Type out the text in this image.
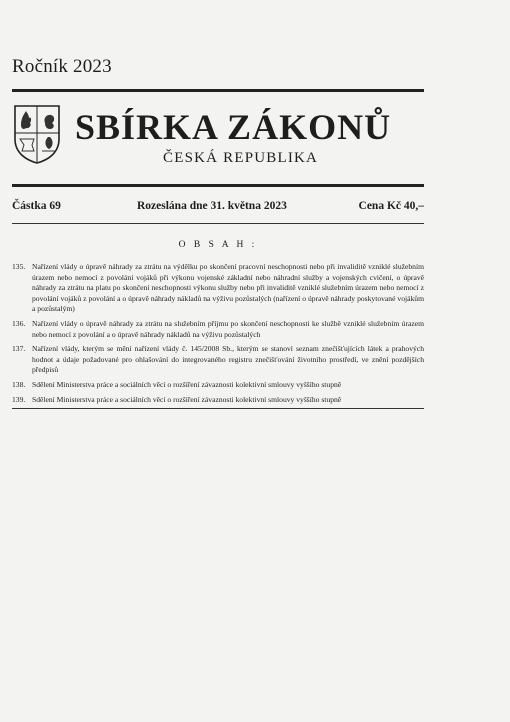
Ročník 2023
SBÍRKA ZÁKONŮ
ČESKÁ REPUBLIKA
Částka 69	Rozeslána dne 31. května 2023	Cena Kč 40,–
O B S A H :
135. Nařízení vlády o úpravě náhrady za ztrátu na výdělku po skončení pracovní neschopnosti nebo při invaliditě vzniklé služebním úrazem nebo nemocí z povolání vojáků při výkonu vojenské základní nebo náhradní služby a vojenských cvičení, o úpravě náhrady za ztrátu na platu po skončení neschopnosti výkonu služby nebo při invaliditě vzniklé služebním úrazem nebo nemocí z povolání vojáků z povolání a o úpravě náhrady nákladů na výživu pozůstalých (nařízení o úpravě náhrady poskytované vojákům a pozůstalým)
136. Nařízení vlády o úpravě náhrady za ztrátu na služebním příjmu po skončení neschopnosti ke službě vzniklé služebním úrazem nebo nemocí z povolání a o úpravě náhrady nákladů na výživu pozůstalých
137. Nařízení vlády, kterým se mění nařízení vlády č. 145/2008 Sb., kterým se stanoví seznam znečišťujících látek a prahových hodnot a údaje požadované pro ohlašování do integrovaného registru znečišťování životního prostředí, ve znění pozdějších předpisů
138. Sdělení Ministerstva práce a sociálních věcí o rozšíření závaznosti kolektivní smlouvy vyššího stupně
139. Sdělení Ministerstva práce a sociálních věcí o rozšíření závaznosti kolektivní smlouvy vyššího stupně
